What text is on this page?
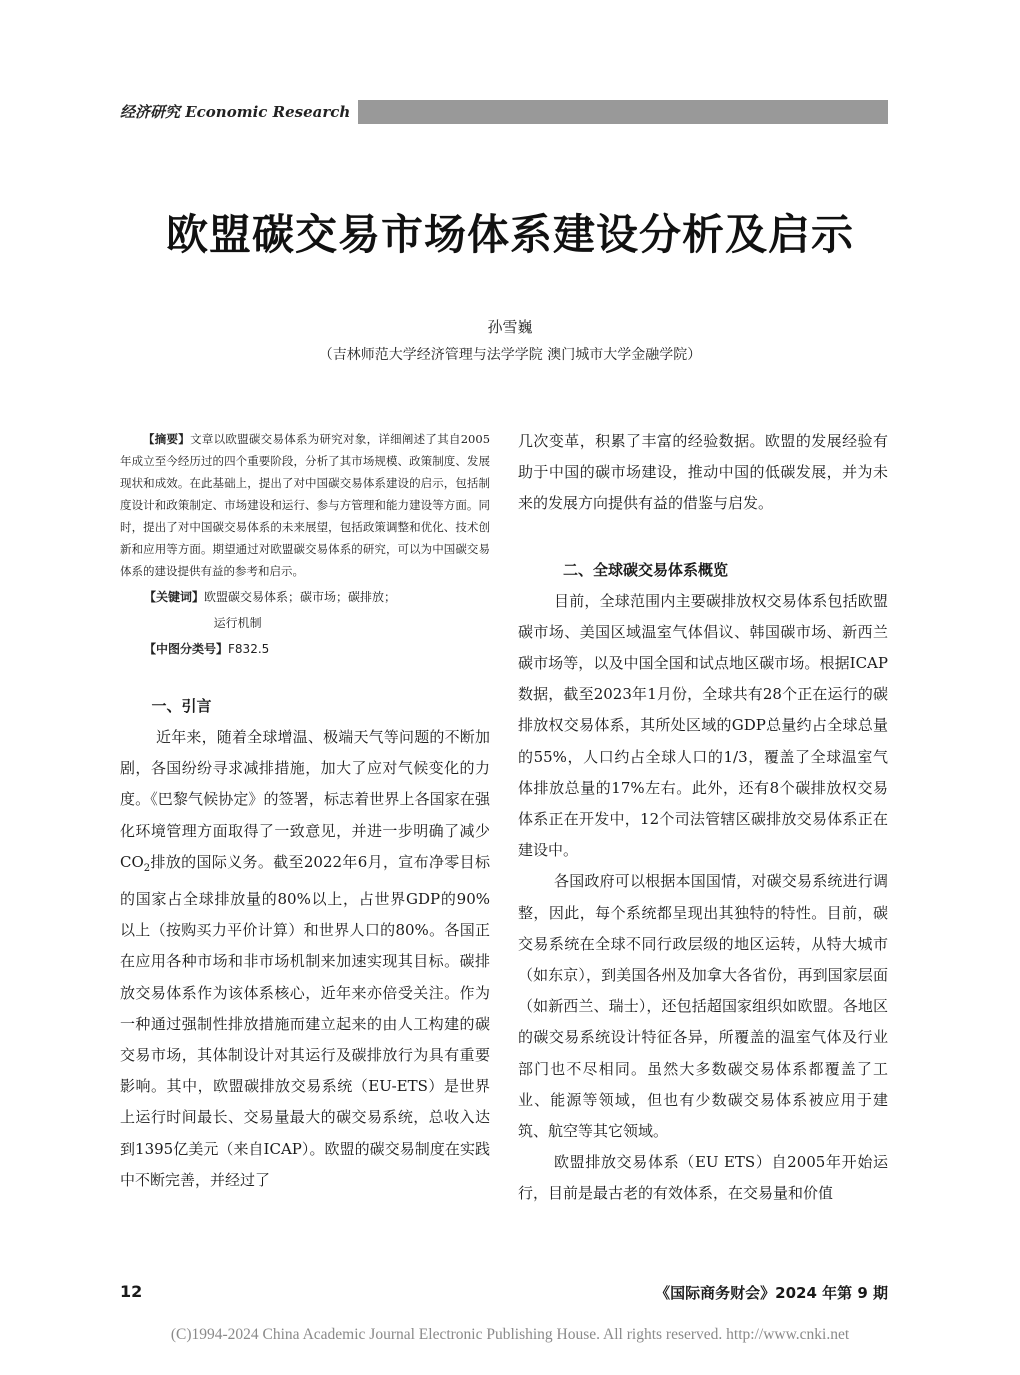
经济研究 Economic Research
欧盟碳交易市场体系建设分析及启示
孙雪巍
（吉林师范大学经济管理与法学学院 澳门城市大学金融学院）

【摘要】文章以欧盟碳交易体系为研究对象，详细阐述了其自2005年成立至今经历过的四个重要阶段，分析了其市场规模、政策制度、发展现状和成效。在此基础上，提出了对中国碳交易体系建设的启示，包括制度设计和政策制定、市场建设和运行、参与方管理和能力建设等方面。同时，提出了对中国碳交易体系的未来展望，包括政策调整和优化、技术创新和应用等方面。期望通过对欧盟碳交易体系的研究，可以为中国碳交易体系的建设提供有益的参考和启示。

【关键词】欧盟碳交易体系；碳市场；碳排放；
运行机制
【中图分类号】F832.5
一、引言

近年来，随着全球增温、极端天气等问题的不断加剧，各国纷纷寻求减排措施，加大了应对气候变化的力度。《巴黎气候协定》的签署，标志着世界上各国家在强化环境管理方面取得了一致意见，并进一步明确了减少$CO_2$排放的国际义务。截至2022年6月，宣布净零目标的国家占全球排放量的80%以上，占世界GDP的90%以上（按购买力平价计算）和世界人口的80%。各国正在应用各种市场和非市场机制来加速实现其目标。碳排放交易体系作为该体系核心，近年来亦倍受关注。作为一种通过强制性排放措施而建立起来的由人工构建的碳交易市场，其体制设计对其运行及碳排放行为具有重要影响。其中，欧盟碳排放交易系统（EU-ETS）是世界上运行时间最长、交易量最大的碳交易系统，总收入达到1395亿美元（来自ICAP）。欧盟的碳交易制度在实践中不断完善，并经过了

几次变革，积累了丰富的经验数据。欧盟的发展经验有助于中国的碳市场建设，推动中国的低碳发展，并为未来的发展方向提供有益的借鉴与启发。

二、全球碳交易体系概览

目前，全球范围内主要碳排放权交易体系包括欧盟碳市场、美国区域温室气体倡议、韩国碳市场、新西兰碳市场等，以及中国全国和试点地区碳市场。根据ICAP数据，截至2023年1月份，全球共有28个正在运行的碳排放权交易体系，其所处区域的GDP总量约占全球总量的55%，人口约占全球人口的1/3，覆盖了全球温室气体排放总量的17%左右。此外，还有8个碳排放权交易体系正在开发中，12个司法管辖区碳排放交易体系正在建设中。

各国政府可以根据本国国情，对碳交易系统进行调整，因此，每个系统都呈现出其独特的特性。目前，碳交易系统在全球不同行政层级的地区运转，从特大城市（如东京），到美国各州及加拿大各省份，再到国家层面（如新西兰、瑞士），还包括超国家组织如欧盟。各地区的碳交易系统设计特征各异，所覆盖的温室气体及行业部门也不尽相同。虽然大多数碳交易体系都覆盖了工业、能源等领域，但也有少数碳交易体系被应用于建筑、航空等其它领域。

欧盟排放交易体系（EU ETS）自2005年开始运行，目前是最古老的有效体系，在交易量和价值

12	《国际商务财会》2024 年第 9 期
(C)1994-2024 China Academic Journal Electronic Publishing House. All rights reserved. http://www.cnki.net
